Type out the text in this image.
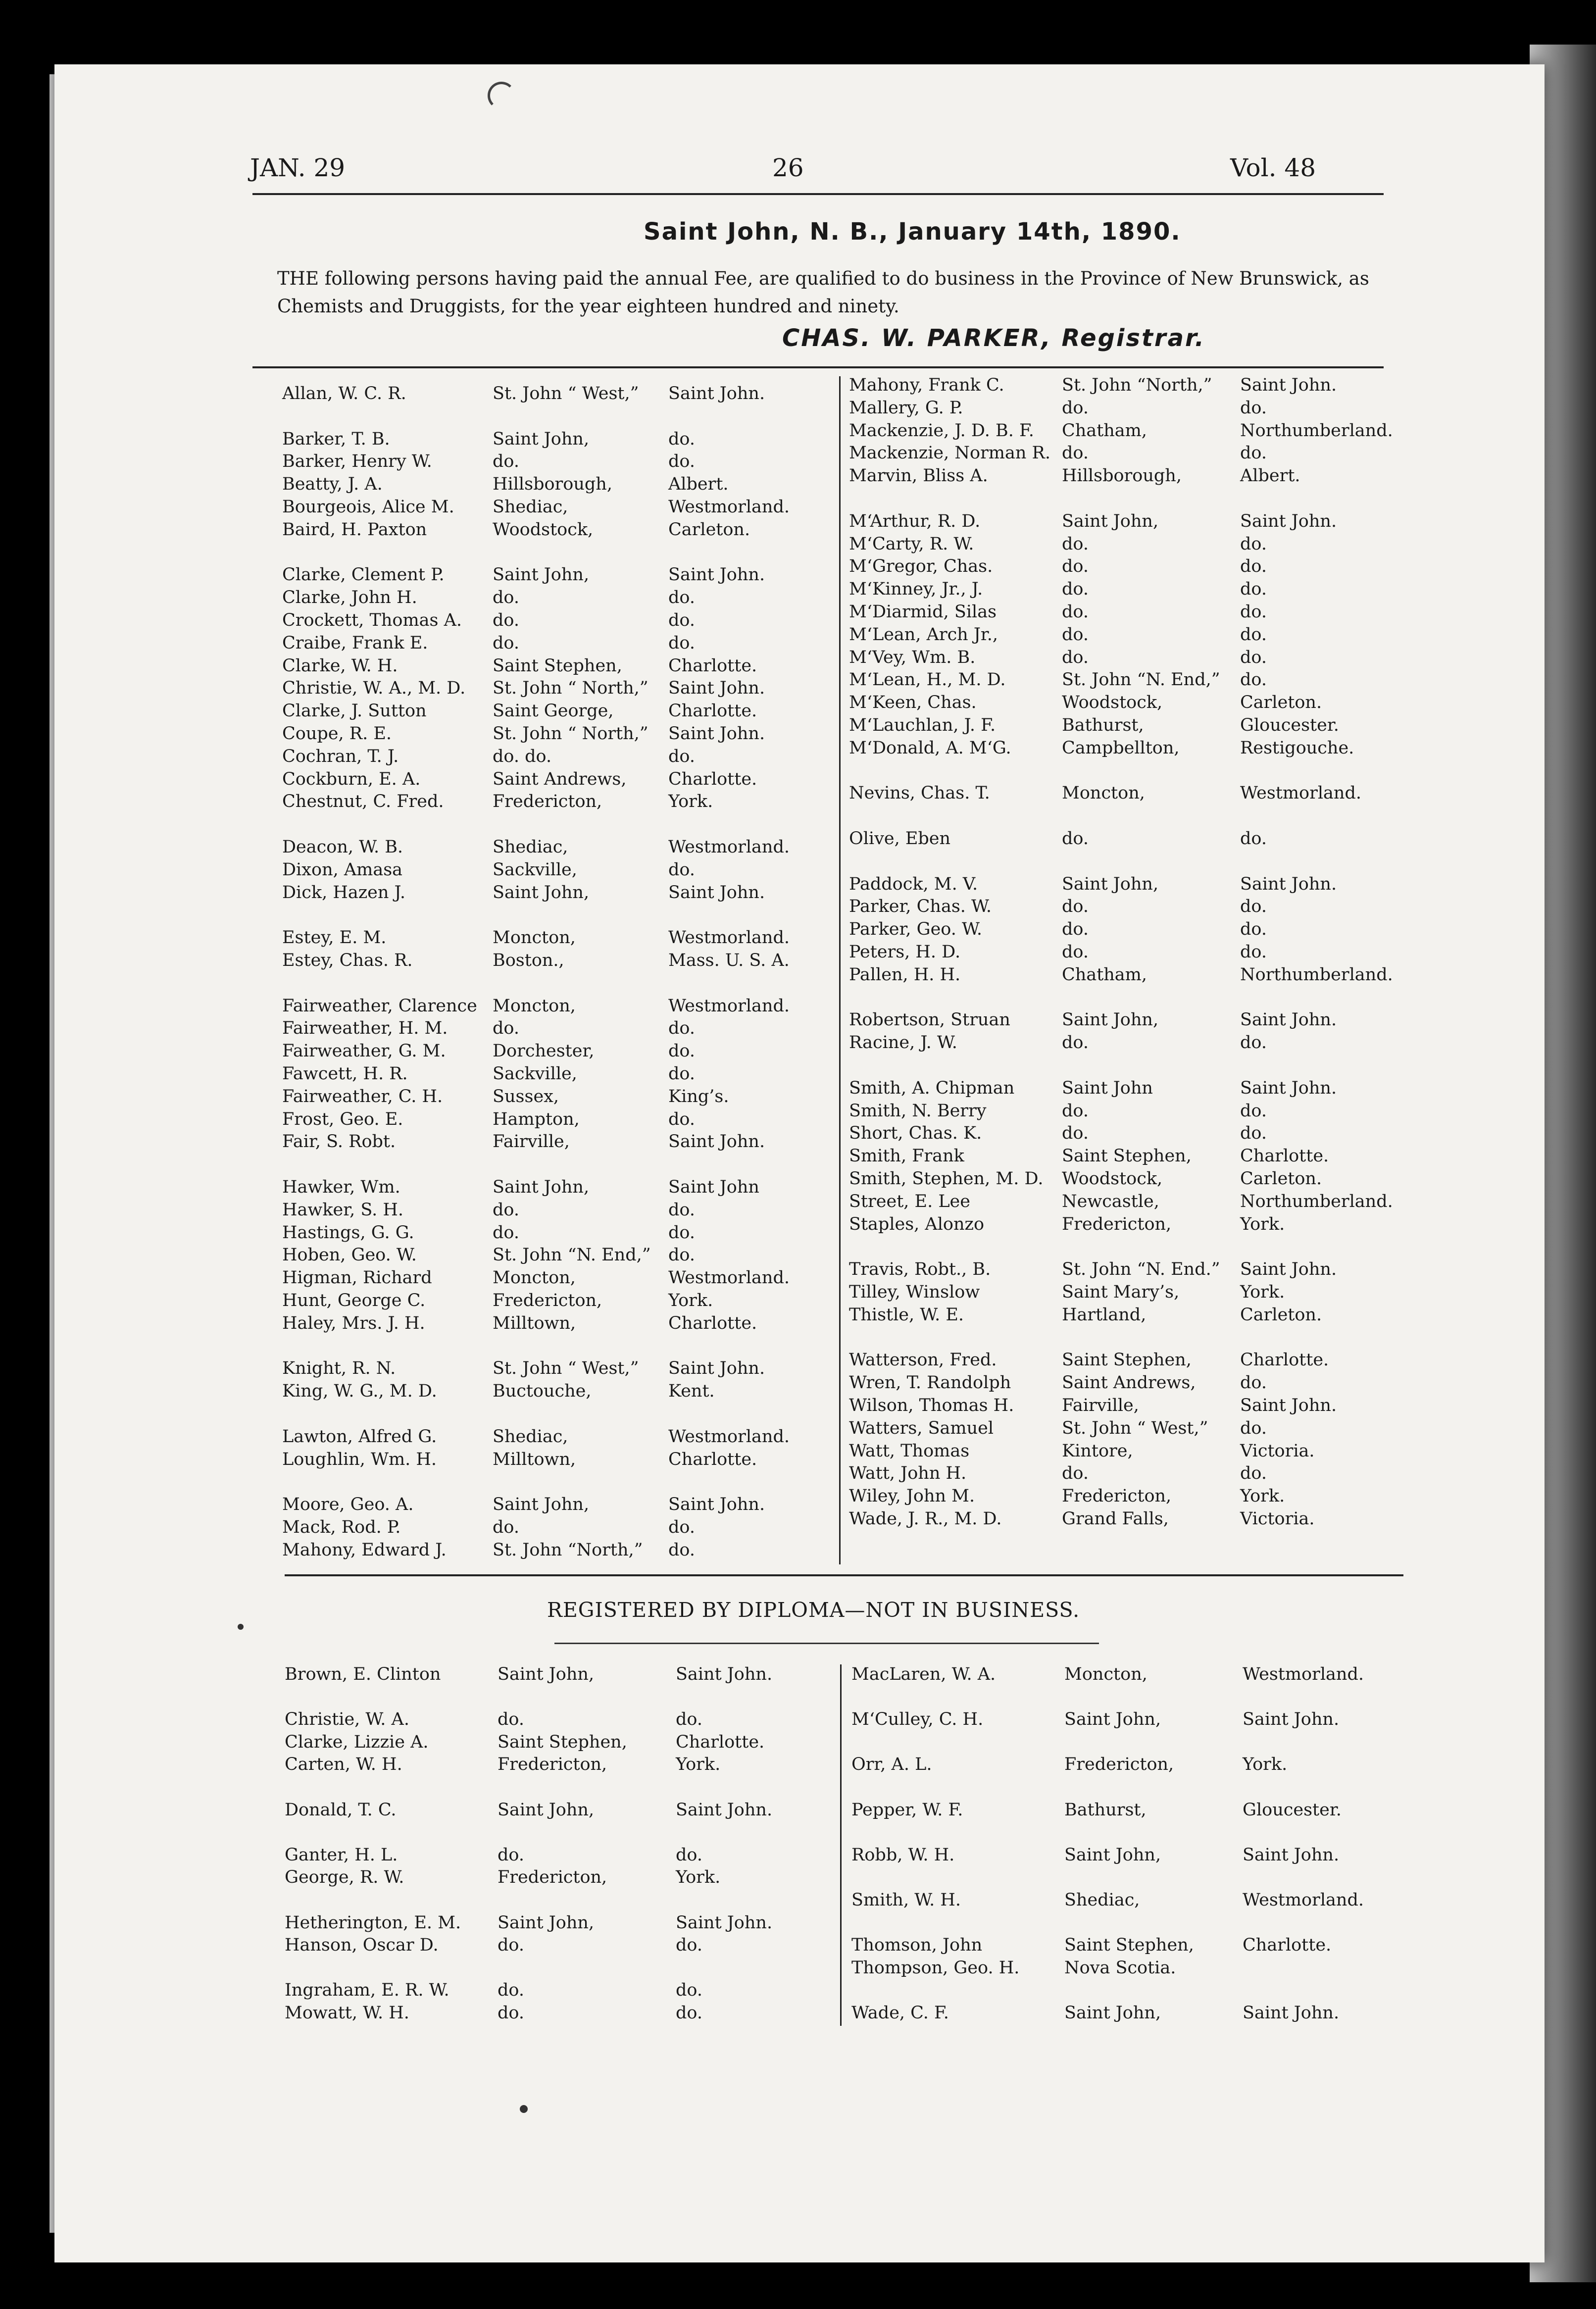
JAN. 29	26	Vol. 48
Saint John, N. B., January 14th, 1890.
THE following persons having paid the annual Fee, are qualified to do business in the Province of New Brunswick, as Chemists and Druggists, for the year eighteen hundred and ninety.
CHAS. W. PARKER, Registrar.
Allan, W. C. R.	St. John “ West,” Saint John.
Barker, T. B.	Saint John,	do.
Barker, Henry W.	do.	do.
Beatty, J. A.	Hillsborough,	Albert.
Bourgeois, Alice M. Shediac,	Westmorland.
Baird, H. Paxton	Woodstock,	Carleton.
Clarke, Clement P.	Saint John,	Saint John.
Clarke, John H.	do.	do.
Crockett, Thomas A. do.	do.
Craibe, Frank E.	do.	do.
Clarke, W. H.	Saint Stephen,	Charlotte.
Christie, W. A., M. D. St. John “ North,” Saint John.
Clarke, J. Sutton	Saint George,	Charlotte.
Coupe, R. E.	St. John “ North,” Saint John.
Cochran, T. J.	do. do.	do.
Cockburn, E. A.	Saint Andrews, Charlotte.
Chestnut, C. Fred.	Fredericton,	York.
Deacon, W. B.	Shediac,	Westmorland.
Dixon, Amasa	Sackville,	do.
Dick, Hazen J.	Saint John,	Saint John.
Estey, E. M.	Moncton,	Westmorland.
Estey, Chas. R.	Boston.,	Mass. U. S. A.
Fairweather, Clarence Moncton,	Westmorland.
Fairweather, H. M.	do.	do.
Fairweather, G. M.	Dorchester,	do.
Fawcett, H. R.	Sackville,	do.
Fairweather, C. H.	Sussex,	King’s.
Frost, Geo. E.	Hampton,	do.
Fair, S. Robt.	Fairville,	Saint John.
Hawker, Wm.	Saint John,	Saint John
Hawker, S. H.	do.	do.
Hastings, G. G.	do.	do.
Hoben, Geo. W.	St. John “N. End,” do.
Higman, Richard	Moncton,	Westmorland.
Hunt, George C.	Fredericton,	York.
Haley, Mrs. J. H.	Milltown,	Charlotte.
Knight, R. N.	St. John “ West,” Saint John.
King, W. G., M. D.	Buctouche,	Kent.
Lawton, Alfred G.	Shediac,	Westmorland.
Loughlin, Wm. H.	Milltown,	Charlotte.
Moore, Geo. A.	Saint John,	Saint John.
Mack, Rod. P.	do.	do.
Mahony, Edward J.	St. John “North,” do.
Mahony, Frank C.	St. John “North,” Saint John.
Mallery, G. P.	do.	do.
Mackenzie, J. D. B. F. Chatham,	Northumberland.
Mackenzie, Norman R. do.	do.
Marvin, Bliss A.	Hillsborough,	Albert.
M‘Arthur, R. D.	Saint John,	Saint John.
M‘Carty, R. W.	do.	do.
M‘Gregor, Chas.	do.	do.
M‘Kinney, Jr., J.	do.	do.
M‘Diarmid, Silas	do.	do.
M‘Lean, Arch Jr.,	do.	do.
M‘Vey, Wm. B.	do.	do.
M‘Lean, H., M. D.	St. John “N. End,” do.
M‘Keen, Chas.	Woodstock,	Carleton.
M‘Lauchlan, J. F.	Bathurst,	Gloucester.
M‘Donald, A. M‘G.	Campbellton,	Restigouche.
Nevins, Chas. T.	Moncton,	Westmorland.
Olive, Eben	do.	do.
Paddock, M. V.	Saint John,	Saint John.
Parker, Chas. W.	do.	do.
Parker, Geo. W.	do.	do.
Peters, H. D.	do.	do.
Pallen, H. H.	Chatham,	Northumberland.
Robertson, Struan	Saint John,	Saint John.
Racine, J. W.	do.	do.
Smith, A. Chipman	Saint John	Saint John.
Smith, N. Berry	do.	do.
Short, Chas. K.	do.	do.
Smith, Frank	Saint Stephen,	Charlotte.
Smith, Stephen, M. D. Woodstock,	Carleton.
Street, E. Lee	Newcastle,	Northumberland.
Staples, Alonzo	Fredericton,	York.
Travis, Robt., B.	St. John “N. End.” Saint John.
Tilley, Winslow	Saint Mary’s,	York.
Thistle, W. E.	Hartland,	Carleton.
Watterson, Fred.	Saint Stephen,	Charlotte.
Wren, T. Randolph	Saint Andrews,	do.
Wilson, Thomas H.	Fairville,	Saint John.
Watters, Samuel	St. John “ West,” do.
Watt, Thomas	Kintore,	Victoria.
Watt, John H.	do.	do.
Wiley, John M.	Fredericton,	York.
Wade, J. R., M. D.	Grand Falls,	Victoria.
REGISTERED BY DIPLOMA—NOT IN BUSINESS.
Brown, E. Clinton	Saint John,	Saint John.
Christie, W. A.	do.	do.
Clarke, Lizzie A.	Saint Stephen,	Charlotte.
Carten, W. H.	Fredericton,	York.
Donald, T. C.	Saint John,	Saint John.
Ganter, H. L.	do.	do.
George, R. W.	Fredericton,	York.
Hetherington, E. M. Saint John,	Saint John.
Hanson, Oscar D.	do.	do.
Ingraham, E. R. W.	do.	do.
Mowatt, W. H.	do.	do.
MacLaren, W. A.	Moncton,	Westmorland.
M‘Culley, C. H.	Saint John,	Saint John.
Orr, A. L.	Fredericton,	York.
Pepper, W. F.	Bathurst,	Gloucester.
Robb, W. H.	Saint John,	Saint John.
Smith, W. H.	Shediac,	Westmorland.
Thomson, John	Saint Stephen,	Charlotte.
Thompson, Geo. H.	Nova Scotia.
Wade, C. F.	Saint John,	Saint John.
